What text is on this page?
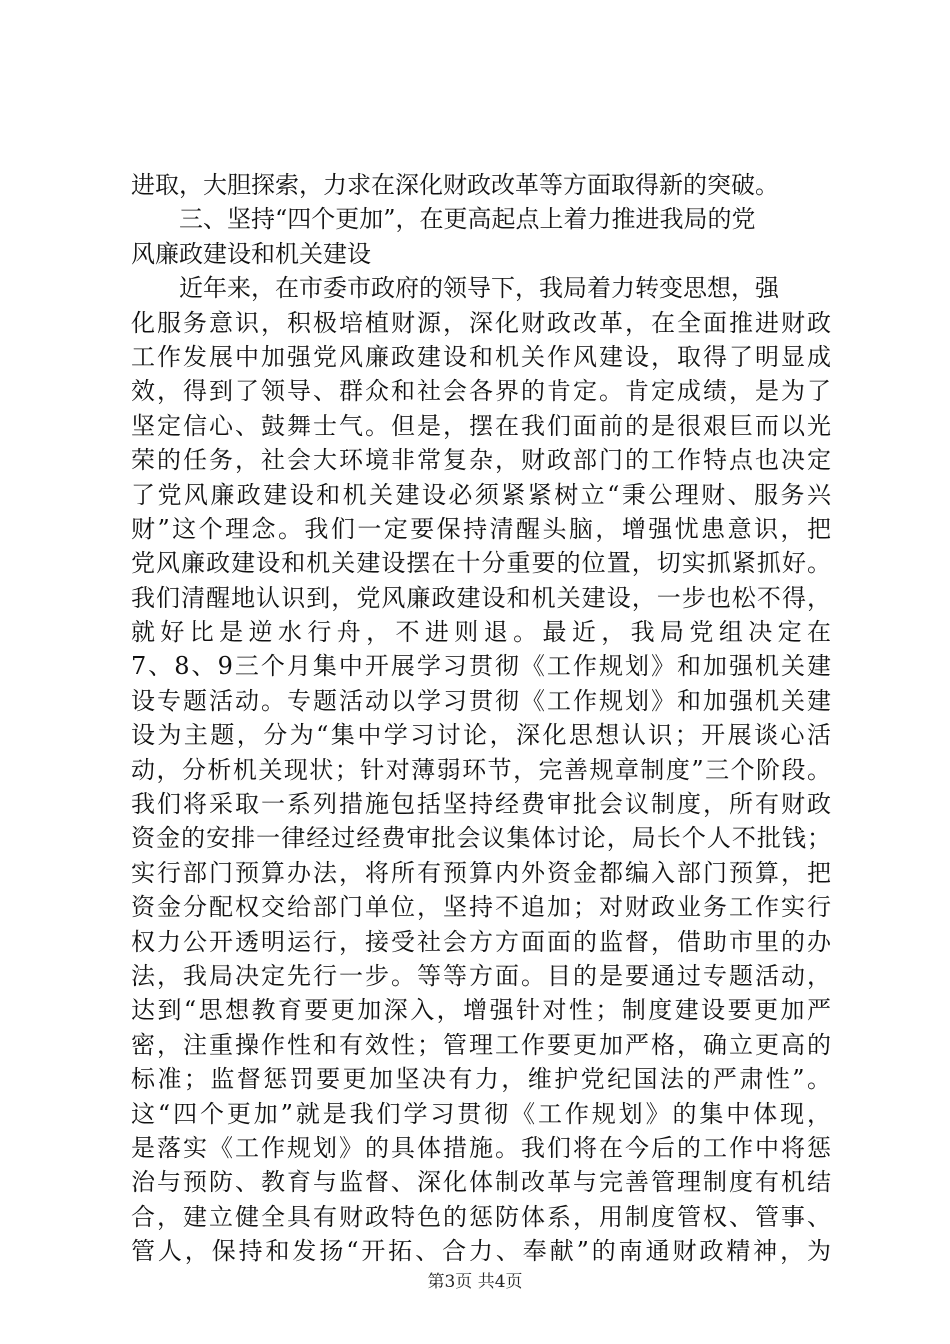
进取，大胆探索，力求在深化财政改革等方面取得新的突破。
三、坚持“四个更加”，在更高起点上着力推进我局的党
风廉政建设和机关建设
近年来，在市委市政府的领导下，我局着力转变思想，强
化服务意识，积极培植财源，深化财政改革，在全面推进财政
工作发展中加强党风廉政建设和机关作风建设，取得了明显成
效，得到了领导、群众和社会各界的肯定。肯定成绩，是为了
坚定信心、鼓舞士气。但是，摆在我们面前的是很艰巨而以光
荣的任务，社会大环境非常复杂，财政部门的工作特点也决定
了党风廉政建设和机关建设必须紧紧树立“秉公理财、服务兴
财”这个理念。我们一定要保持清醒头脑，增强忧患意识，把
党风廉政建设和机关建设摆在十分重要的位置，切实抓紧抓好。
我们清醒地认识到，党风廉政建设和机关建设，一步也松不得，
就好比是逆水行舟，不进则退。最近，我局党组决定在
7、8、9三个月集中开展学习贯彻《工作规划》和加强机关建
设专题活动。专题活动以学习贯彻《工作规划》和加强机关建
设为主题，分为“集中学习讨论，深化思想认识；开展谈心活
动，分析机关现状；针对薄弱环节，完善规章制度”三个阶段。
我们将采取一系列措施包括坚持经费审批会议制度，所有财政
资金的安排一律经过经费审批会议集体讨论，局长个人不批钱；
实行部门预算办法，将所有预算内外资金都编入部门预算，把
资金分配权交给部门单位，坚持不追加；对财政业务工作实行
权力公开透明运行，接受社会方方面面的监督，借助市里的办
法，我局决定先行一步。等等方面。目的是要通过专题活动，
达到“思想教育要更加深入，增强针对性；制度建设要更加严
密，注重操作性和有效性；管理工作要更加严格，确立更高的
标准；监督惩罚要更加坚决有力，维护党纪国法的严肃性”。
这“四个更加”就是我们学习贯彻《工作规划》的集中体现，
是落实《工作规划》的具体措施。我们将在今后的工作中将惩
治与预防、教育与监督、深化体制改革与完善管理制度有机结
合，建立健全具有财政特色的惩防体系，用制度管权、管事、
管人，保持和发扬“开拓、合力、奉献”的南通财政精神，为
第3页 共4页
